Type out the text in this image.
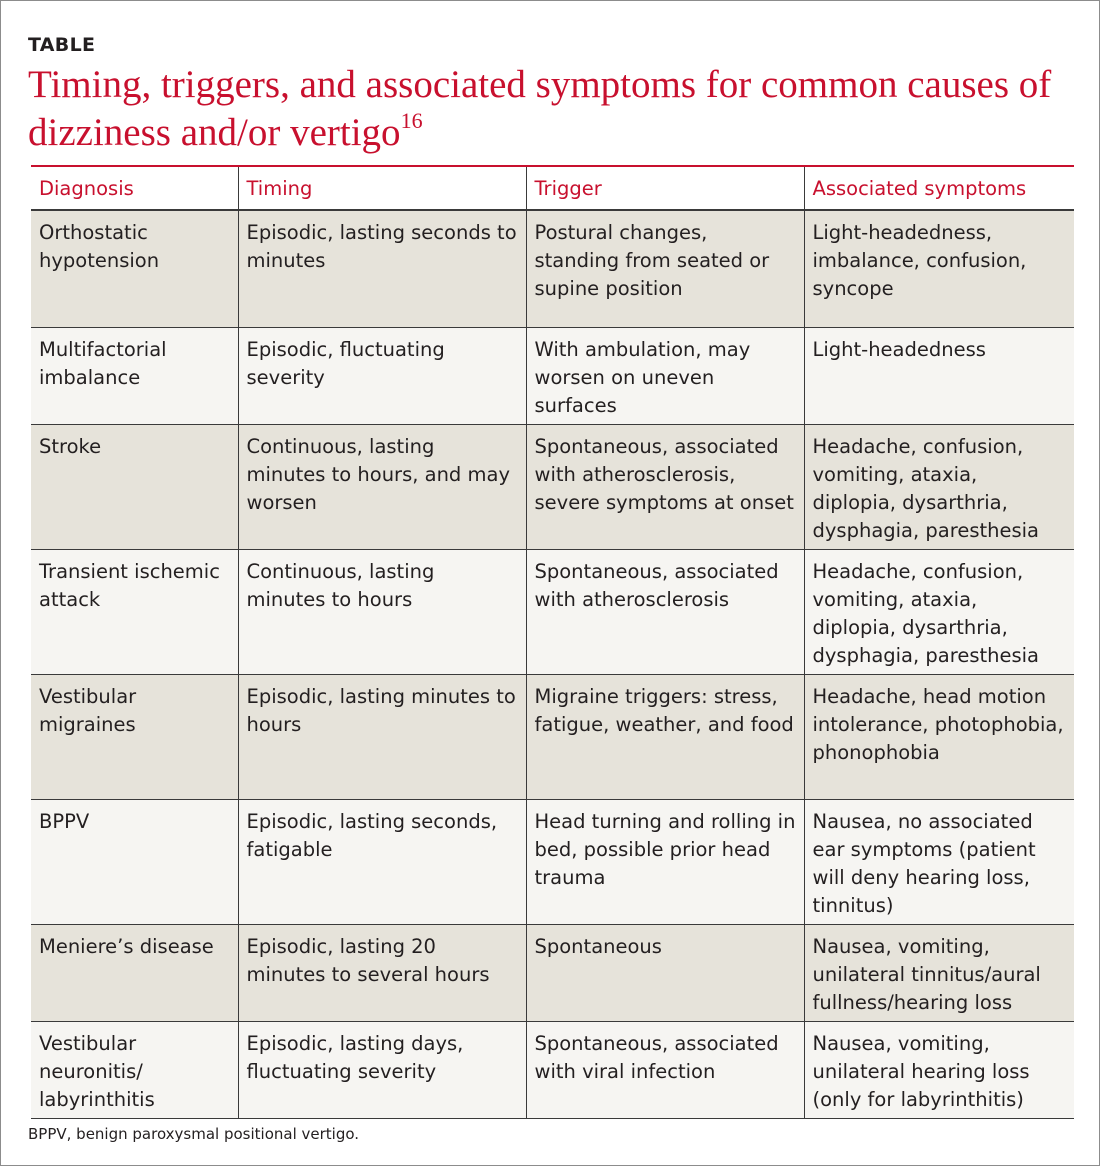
TABLE
Timing, triggers, and associated symptoms for common causes of dizziness and/or vertigo$^{16}$
Diagnosis	Timing	Trigger	Associated symptoms
Orthostatic hypotension	Episodic, lasting seconds to minutes	Postural changes, standing from seated or supine position	Light-headedness, imbalance, confusion, syncope
Multifactorial imbalance	Episodic, fluctuating severity	With ambulation, may worsen on uneven surfaces	Light-headedness
Stroke	Continuous, lasting minutes to hours, and may worsen	Spontaneous, associated with atherosclerosis, severe symptoms at onset	Headache, confusion, vomiting, ataxia, diplopia, dysarthria, dysphagia, paresthesia
Transient ischemic attack	Continuous, lasting minutes to hours	Spontaneous, associated with atherosclerosis	Headache, confusion, vomiting, ataxia, diplopia, dysarthria, dysphagia, paresthesia
Vestibular migraines	Episodic, lasting minutes to hours	Migraine triggers: stress, fatigue, weather, and food	Headache, head motion intolerance, photophobia, phonophobia
BPPV	Episodic, lasting seconds, fatigable	Head turning and rolling in bed, possible prior head trauma	Nausea, no associated ear symptoms (patient will deny hearing loss, tinnitus)
Meniere’s disease	Episodic, lasting 20 minutes to several hours	Spontaneous	Nausea, vomiting, unilateral tinnitus/aural fullness/hearing loss
Vestibular neuronitis/ labyrinthitis	Episodic, lasting days, fluctuating severity	Spontaneous, associated with viral infection	Nausea, vomiting, unilateral hearing loss (only for labyrinthitis)
BPPV, benign paroxysmal positional vertigo.
